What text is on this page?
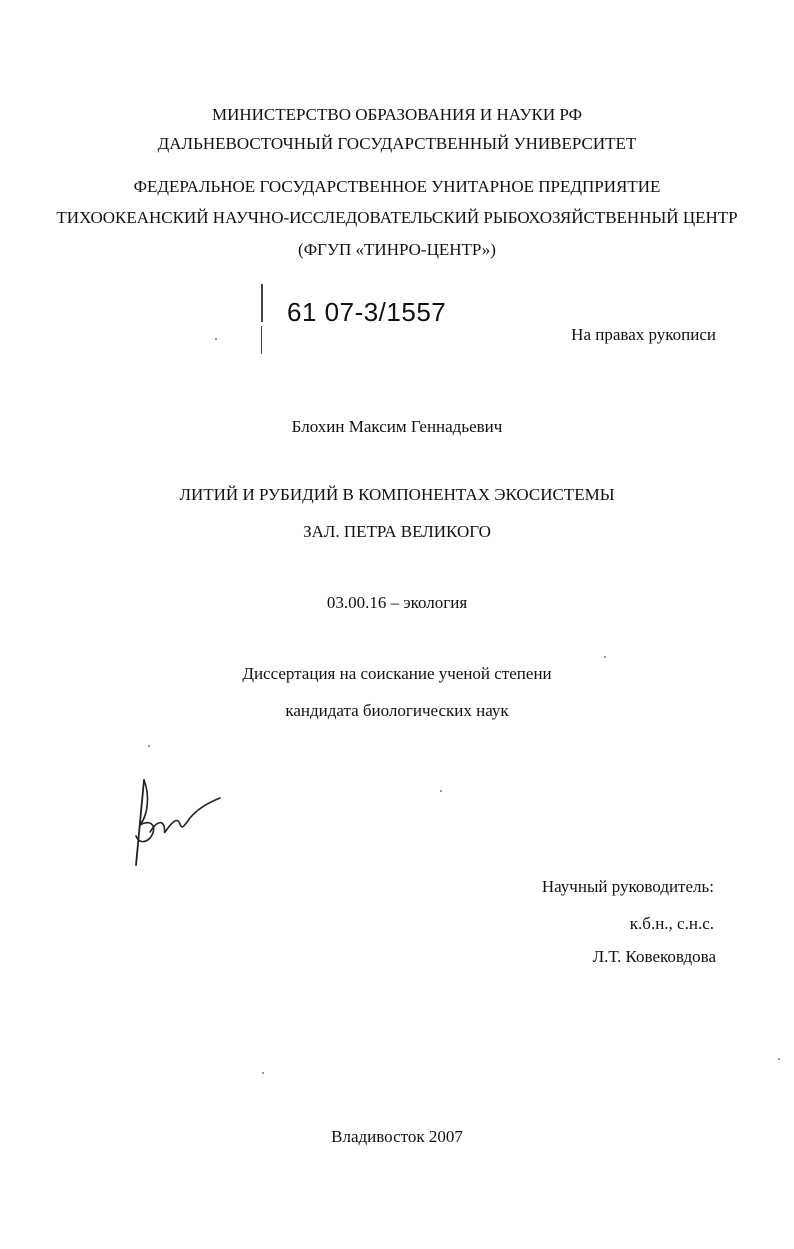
МИНИСТЕРСТВО ОБРАЗОВАНИЯ И НАУКИ РФ
ДАЛЬНЕВОСТОЧНЫЙ ГОСУДАРСТВЕННЫЙ УНИВЕРСИТЕТ
ФЕДЕРАЛЬНОЕ ГОСУДАРСТВЕННОЕ УНИТАРНОЕ ПРЕДПРИЯТИЕ
ТИХООКЕАНСКИЙ НАУЧНО-ИССЛЕДОВАТЕЛЬСКИЙ РЫБОХОЗЯЙСТВЕННЫЙ ЦЕНТР
(ФГУП «ТИНРО-ЦЕНТР»)
61 07-3/1557
На правах рукописи
Блохин Максим Геннадьевич
ЛИТИЙ И РУБИДИЙ В КОМПОНЕНТАХ ЭКОСИСТЕМЫ
ЗАЛ. ПЕТРА ВЕЛИКОГО
03.00.16 – экология
Диссертация на соискание ученой степени
кандидата биологических наук
Научный руководитель:
к.б.н., с.н.с.
Л.Т. Ковековдова
Владивосток 2007
